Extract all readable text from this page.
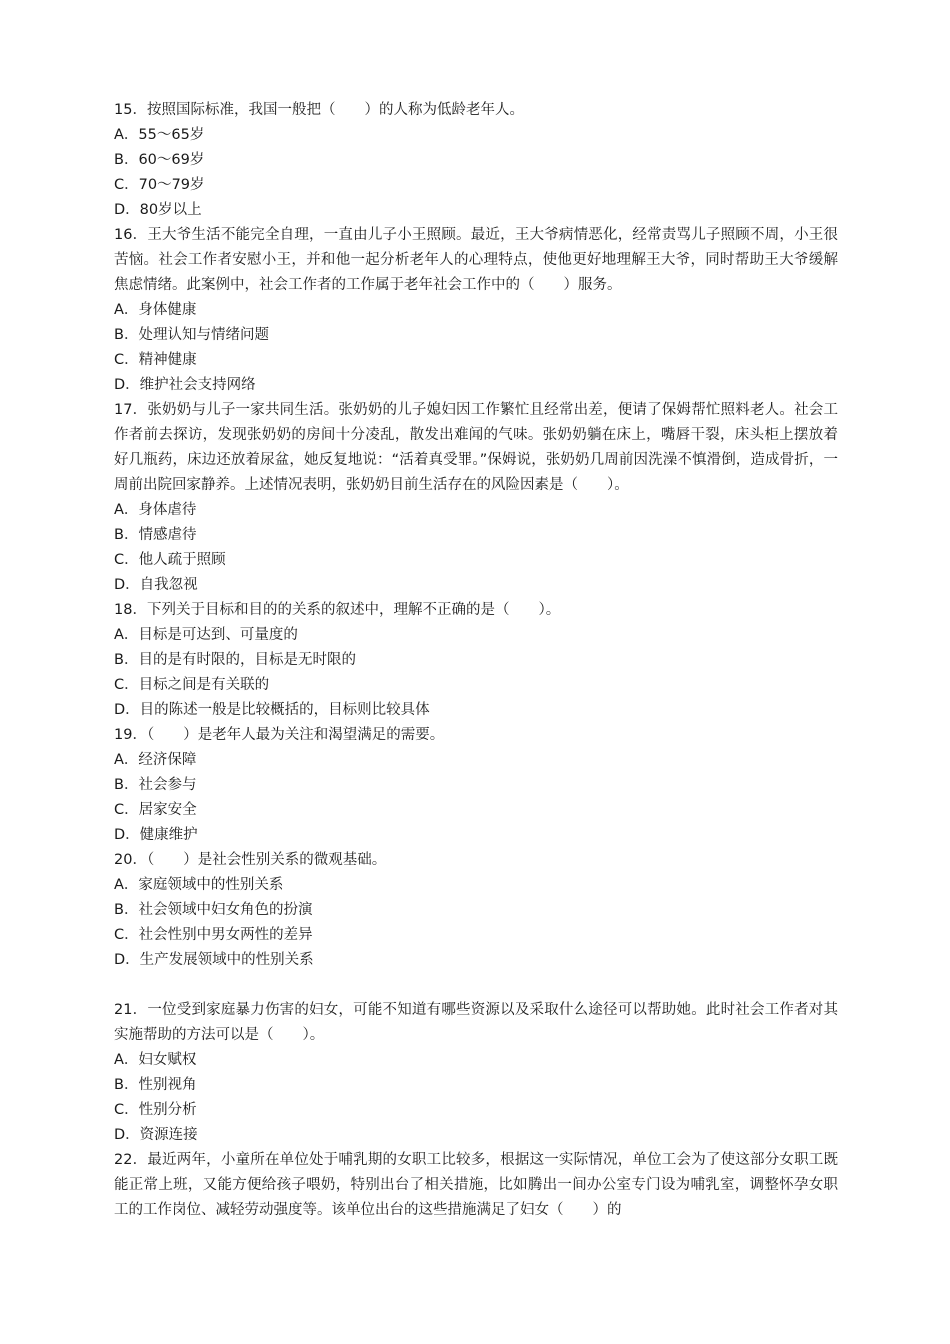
15．按照国际标准，我国一般把（　　）的人称为低龄老年人。
A．55～65岁
B．60～69岁
C．70～79岁
D．80岁以上
16．王大爷生活不能完全自理，一直由儿子小王照顾。最近，王大爷病情恶化，经常责骂儿子照顾不周，小王很苦恼。社会工作者安慰小王，并和他一起分析老年人的心理特点，使他更好地理解王大爷，同时帮助王大爷缓解焦虑情绪。此案例中，社会工作者的工作属于老年社会工作中的（　　）服务。
A．身体健康
B．处理认知与情绪问题
C．精神健康
D．维护社会支持网络
17．张奶奶与儿子一家共同生活。张奶奶的儿子媳妇因工作繁忙且经常出差，便请了保姆帮忙照料老人。社会工作者前去探访，发现张奶奶的房间十分凌乱，散发出难闻的气味。张奶奶躺在床上，嘴唇干裂，床头柜上摆放着好几瓶药，床边还放着尿盆，她反复地说：“活着真受罪。”保姆说，张奶奶几周前因洗澡不慎滑倒，造成骨折，一周前出院回家静养。上述情况表明，张奶奶目前生活存在的风险因素是（　　）。
A．身体虐待
B．情感虐待
C．他人疏于照顾
D．自我忽视
18．下列关于目标和目的的关系的叙述中，理解不正确的是（　　）。
A．目标是可达到、可量度的
B．目的是有时限的，目标是无时限的
C．目标之间是有关联的
D．目的陈述一般是比较概括的，目标则比较具体
19．（　　）是老年人最为关注和渴望满足的需要。
A．经济保障
B．社会参与
C．居家安全
D．健康维护
20．（　　）是社会性别关系的微观基础。
A．家庭领域中的性别关系
B．社会领域中妇女角色的扮演
C．社会性别中男女两性的差异
D．生产发展领域中的性别关系
21．一位受到家庭暴力伤害的妇女，可能不知道有哪些资源以及采取什么途径可以帮助她。此时社会工作者对其实施帮助的方法可以是（　　）。
A．妇女赋权
B．性别视角
C．性别分析
D．资源连接
22．最近两年，小童所在单位处于哺乳期的女职工比较多，根据这一实际情况，单位工会为了使这部分女职工既能正常上班，又能方便给孩子喂奶，特别出台了相关措施，比如腾出一间办公室专门设为哺乳室，调整怀孕女职工的工作岗位、减轻劳动强度等。该单位出台的这些措施满足了妇女（　　）的
